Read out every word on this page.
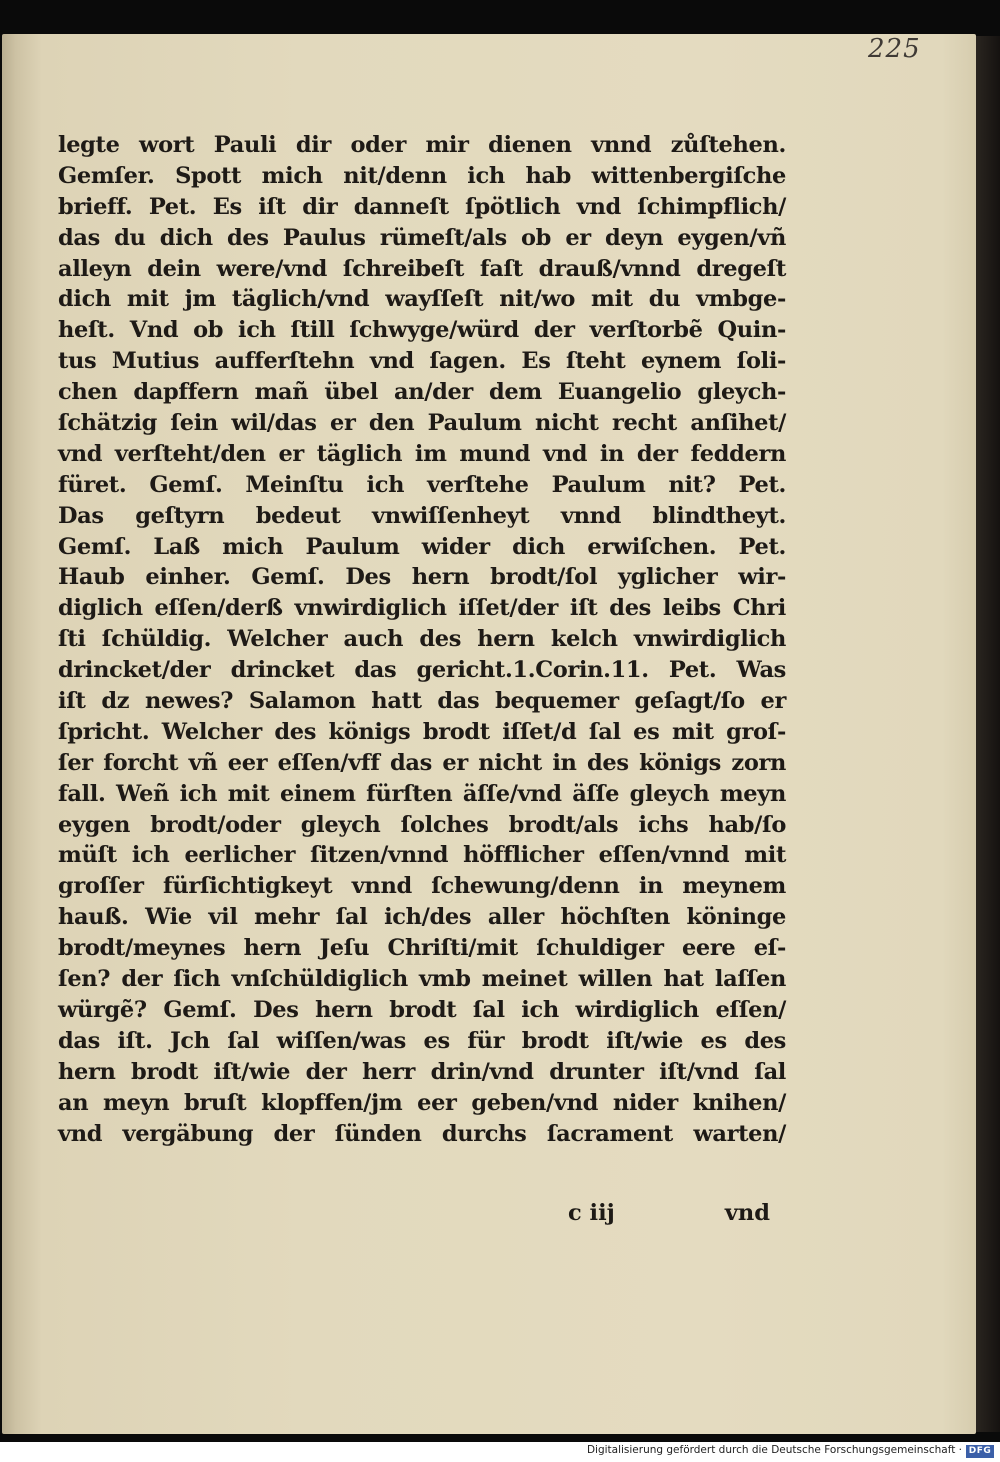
225
legte wort Pauli dir oder mir dienen vnnd zůſtehen.
Gemſer. Spott mich nit/denn ich hab wittenbergiſche
brieff. Pet. Es iſt dir danneſt ſpötlich vnd ſchimpflich/
das du dich des Paulus rümeſt/als ob er deyn eygen/vñ
alleyn dein were/vnd ſchreibeſt faſt drauß/vnnd dregeſt
dich mit jm täglich/vnd wayſſeſt nit/wo mit du vmbge-
heſt. Vnd ob ich ſtill ſchwyge/würd der verſtorbẽ Quin-
tus Mutius aufferſtehn vnd ſagen. Es ſteht eynem ſoli-
chen dapffern mañ übel an/der dem Euangelio gleych-
ſchätzig ſein wil/das er den Paulum nicht recht anſihet/
vnd verſteht/den er täglich im mund vnd in der feddern
füret. Gemſ. Meinſtu ich verſtehe Paulum nit? Pet.
Das geſtyrn bedeut vnwiſſenheyt vnnd blindtheyt.
Gemſ. Laß mich Paulum wider dich erwiſchen. Pet.
Haub einher. Gemſ. Des hern brodt/ſol yglicher wir-
diglich eſſen/derß vnwirdiglich iſſet/der iſt des leibs Chri
ſti ſchüldig. Welcher auch des hern kelch vnwirdiglich
drincket/der drincket das gericht.1.Corin.11. Pet. Was
iſt dz newes? Salamon hatt das bequemer geſagt/ſo er
ſpricht. Welcher des königs brodt iſſet/d ſal es mit groſ-
ſer forcht vñ eer eſſen/vff das er nicht in des königs zorn
fall. Weñ ich mit einem fürſten äſſe/vnd äſſe gleych meyn
eygen brodt/oder gleych ſolches brodt/als ichs hab/ſo
müſt ich eerlicher ſitzen/vnnd höfflicher eſſen/vnnd mit
groſſer fürſichtigkeyt vnnd ſchewung/denn in meynem
hauß. Wie vil mehr ſal ich/des aller höchſten köninge
brodt/meynes hern Jeſu Chriſti/mit ſchuldiger eere eſ-
ſen? der ſich vnſchüldiglich vmb meinet willen hat laſſen
würgẽ? Gemſ. Des hern brodt ſal ich wirdiglich eſſen/
das iſt. Jch ſal wiſſen/was es für brodt iſt/wie es des
hern brodt iſt/wie der herr drin/vnd drunter iſt/vnd ſal
an meyn bruſt klopffen/jm eer geben/vnd nider knihen/
vnd vergäbung der ſünden durchs ſacrament warten/
c iij	vnd
Digitalisierung gefördert durch die Deutsche Forschungsgemeinschaft · DFG
